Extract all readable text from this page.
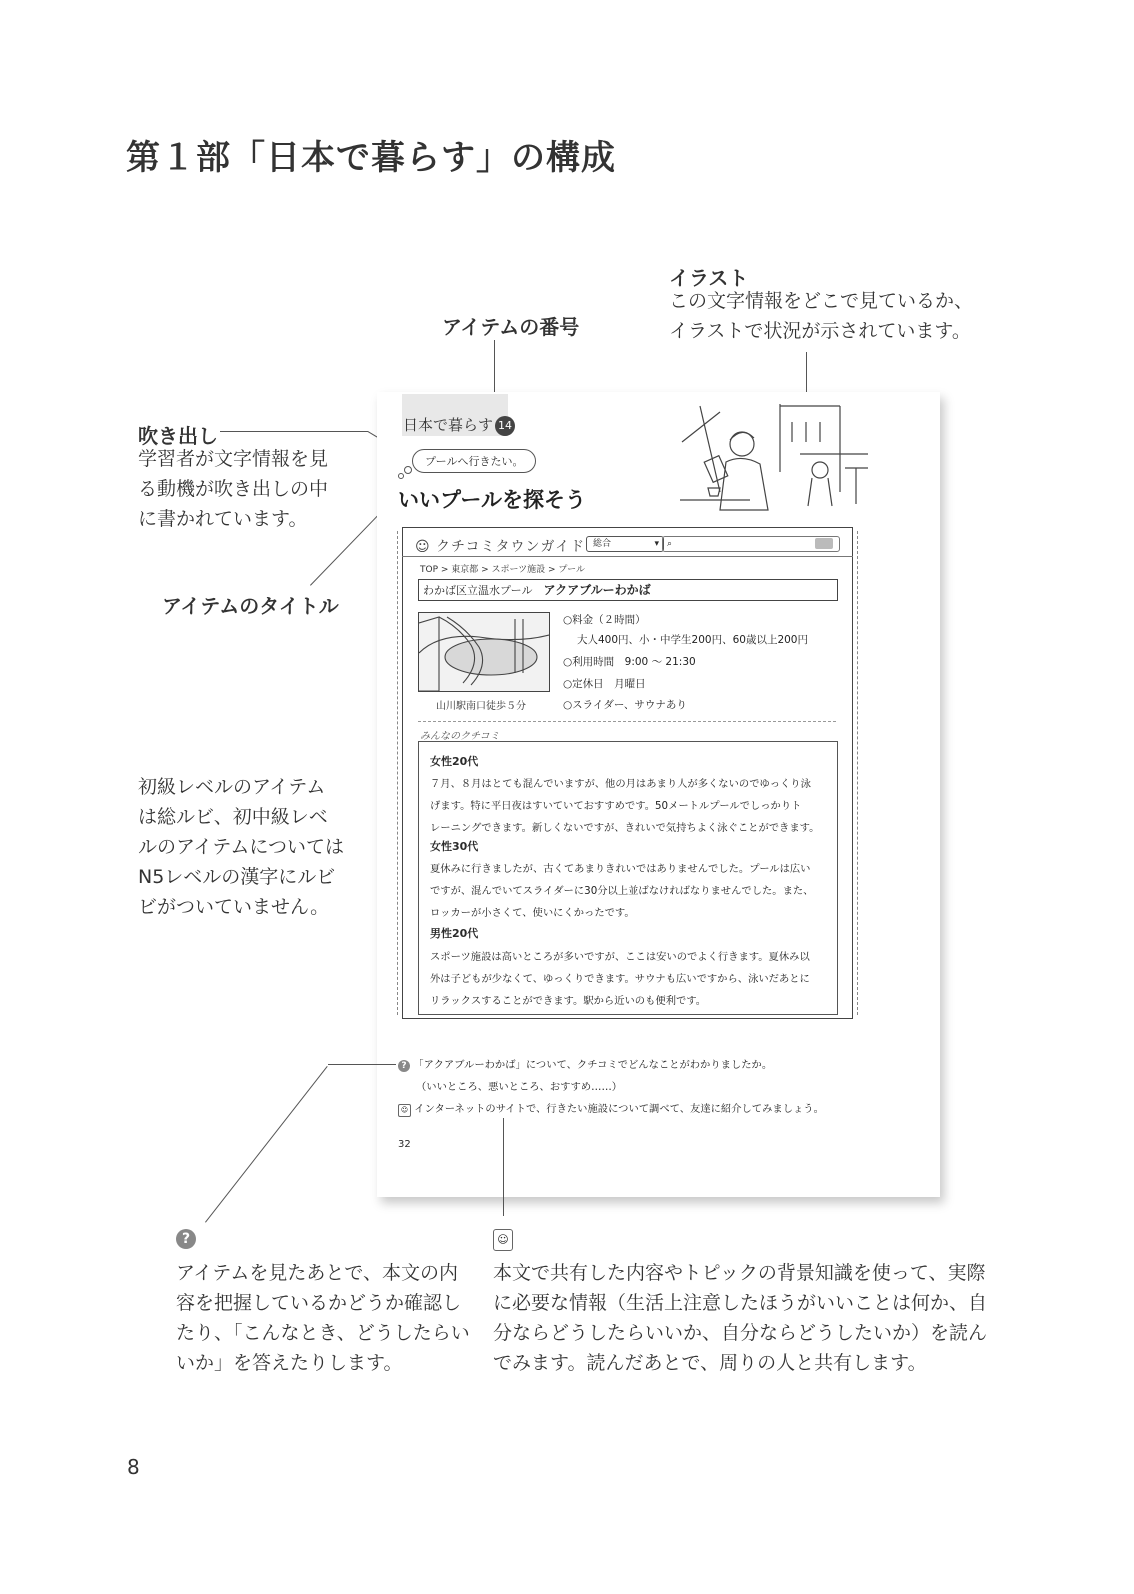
第１部「日本で暮らす」の構成
イラスト
この文字情報をどこで見ているか、
イラストで状況が示されています。
アイテムの番号
吹き出し
学習者が文字情報を見
る動機が吹き出しの中
に書かれています。
アイテムのタイトル
初級レベルのアイテム
は総ルビ、初中級レベ
ルのアイテムについては
N5レベルの漢字にルビ
ビがついていません。
日本で暮らす 14
プールへ行きたい。
いいプールを探そう
☺ クチコミタウンガイド 総合	▾ ⌕
TOP > 東京都 > スポーツ施設 > プール
わかば区立温水プール　 アクアブルーわかば
山川駅南口徒歩５分
○料金（２時間）
大人400円、小・中学生200円、60歳以上200円
○利用時間　9:00 ～ 21:30
○定休日　月曜日
○スライダー、サウナあり
みんなのクチコミ
女性20代
７月、８月はとても混んでいますが、他の月はあまり人が多くないのでゆっくり泳
げます。特に平日夜はすいていておすすめです。50メートルプールでしっかりト
レーニングできます。新しくないですが、きれいで気持ちよく泳ぐことができます。
女性30代
夏休みに行きましたが、古くてあまりきれいではありませんでした。プールは広い
ですが、混んでいてスライダーに30分以上並ばなければなりませんでした。また、
ロッカーが小さくて、使いにくかったです。
男性20代
スポーツ施設は高いところが多いですが、ここは安いのでよく行きます。夏休み以
外は子どもが少なくて、ゆっくりできます。サウナも広いですから、泳いだあとに
リラックスすることができます。駅から近いのも便利です。
? 「アクアブルーわかば」について、クチコミでどんなことがわかりましたか。
（いいところ、悪いところ、おすすめ……）
☺ インターネットのサイトで、行きたい施設について調べて、友達に紹介してみましょう。
32
?
アイテムを見たあとで、本文の内
容を把握しているかどうか確認し
たり、「こんなとき、どうしたらい
いか」を答えたりします。
☺
本文で共有した内容やトピックの背景知識を使って、実際
に必要な情報（生活上注意したほうがいいことは何か、自
分ならどうしたらいいか、自分ならどうしたいか）を読ん
でみます。読んだあとで、周りの人と共有します。
8
